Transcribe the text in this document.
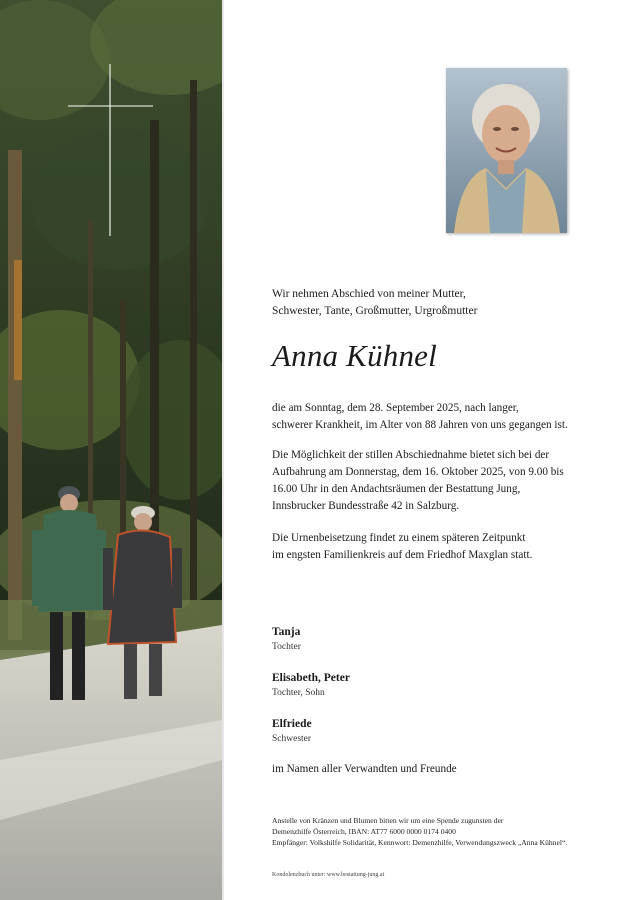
Wir nehmen Abschied von meiner Mutter,
Schwester, Tante, Großmutter, Urgroßmutter

Anna Kühnel

die am Sonntag, dem 28. September 2025, nach langer,
schwerer Krankheit, im Alter von 88 Jahren von uns gegangen ist.

Die Möglichkeit der stillen Abschiednahme bietet sich bei der
Aufbahrung am Donnerstag, dem 16. Oktober 2025, von 9.00 bis
16.00 Uhr in den Andachtsräumen der Bestattung Jung,
Innsbrucker Bundesstraße 42 in Salzburg.

Die Urnenbeisetzung findet zu einem späteren Zeitpunkt
im engsten Familienkreis auf dem Friedhof Maxglan statt.

Tanja
Tochter
Elisabeth, Peter
Tochter, Sohn
Elfriede
Schwester
im Namen aller Verwandten und Freunde

Anstelle von Kränzen und Blumen bitten wir um eine Spende zugunsten der
Demenzhilfe Österreich, IBAN: AT77 6000 0000 0174 0400
Empfänger: Volkshilfe Solidarität, Kennwort: Demenzhilfe, Verwendungszweck „Anna Kühnel“.

Kondolenzbuch unter: www.bestattung-jung.at
